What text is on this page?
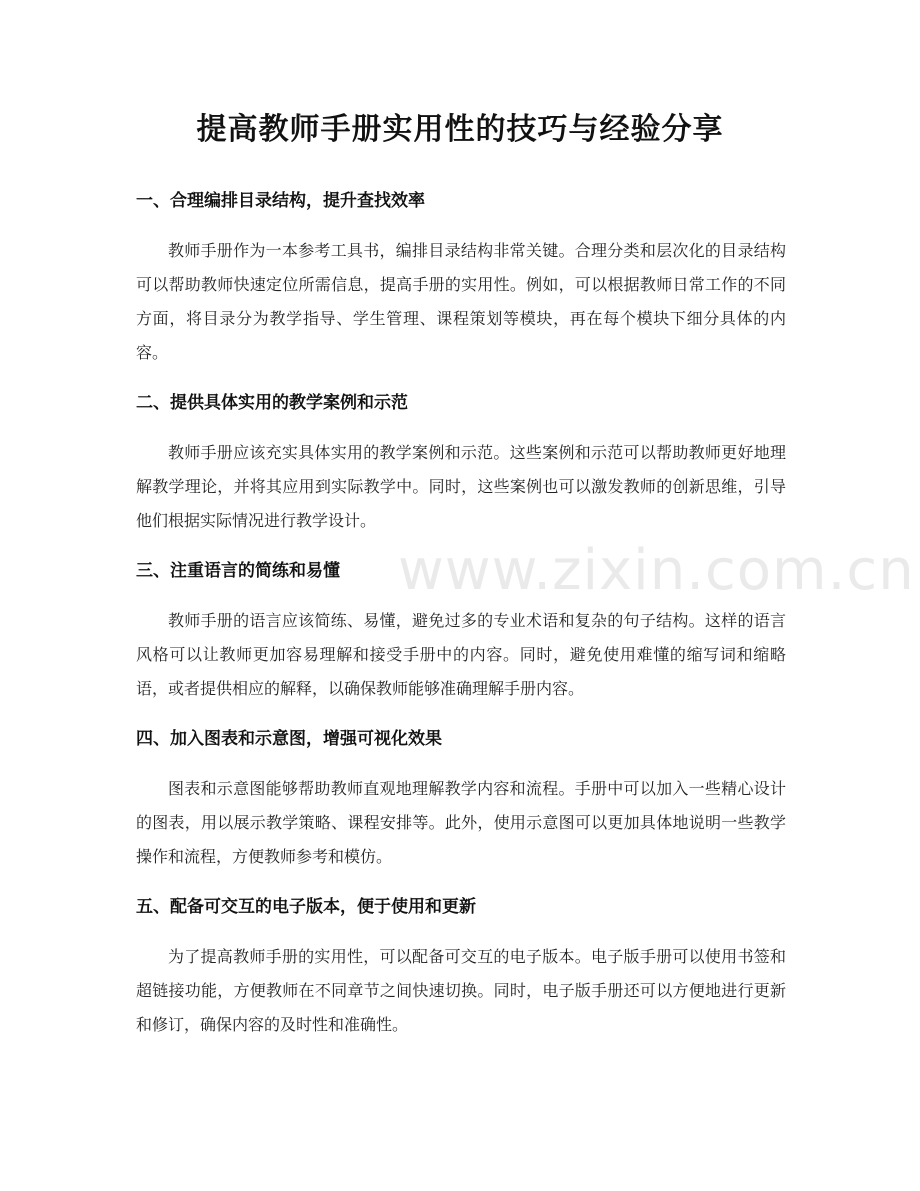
提高教师手册实用性的技巧与经验分享
一、合理编排目录结构，提升查找效率

教师手册作为一本参考工具书，编排目录结构非常关键。合理分类和层次化的目录结构可以帮助教师快速定位所需信息，提高手册的实用性。例如，可以根据教师日常工作的不同方面，将目录分为教学指导、学生管理、课程策划等模块，再在每个模块下细分具体的内容。

二、提供具体实用的教学案例和示范

教师手册应该充实具体实用的教学案例和示范。这些案例和示范可以帮助教师更好地理解教学理论，并将其应用到实际教学中。同时，这些案例也可以激发教师的创新思维，引导他们根据实际情况进行教学设计。

三、注重语言的简练和易懂

教师手册的语言应该简练、易懂，避免过多的专业术语和复杂的句子结构。这样的语言风格可以让教师更加容易理解和接受手册中的内容。同时，避免使用难懂的缩写词和缩略语，或者提供相应的解释，以确保教师能够准确理解手册内容。

四、加入图表和示意图，增强可视化效果

图表和示意图能够帮助教师直观地理解教学内容和流程。手册中可以加入一些精心设计的图表，用以展示教学策略、课程安排等。此外，使用示意图可以更加具体地说明一些教学操作和流程，方便教师参考和模仿。

五、配备可交互的电子版本，便于使用和更新

为了提高教师手册的实用性，可以配备可交互的电子版本。电子版手册可以使用书签和超链接功能，方便教师在不同章节之间快速切换。同时，电子版手册还可以方便地进行更新和修订，确保内容的及时性和准确性。

www.zixin.com.cn
